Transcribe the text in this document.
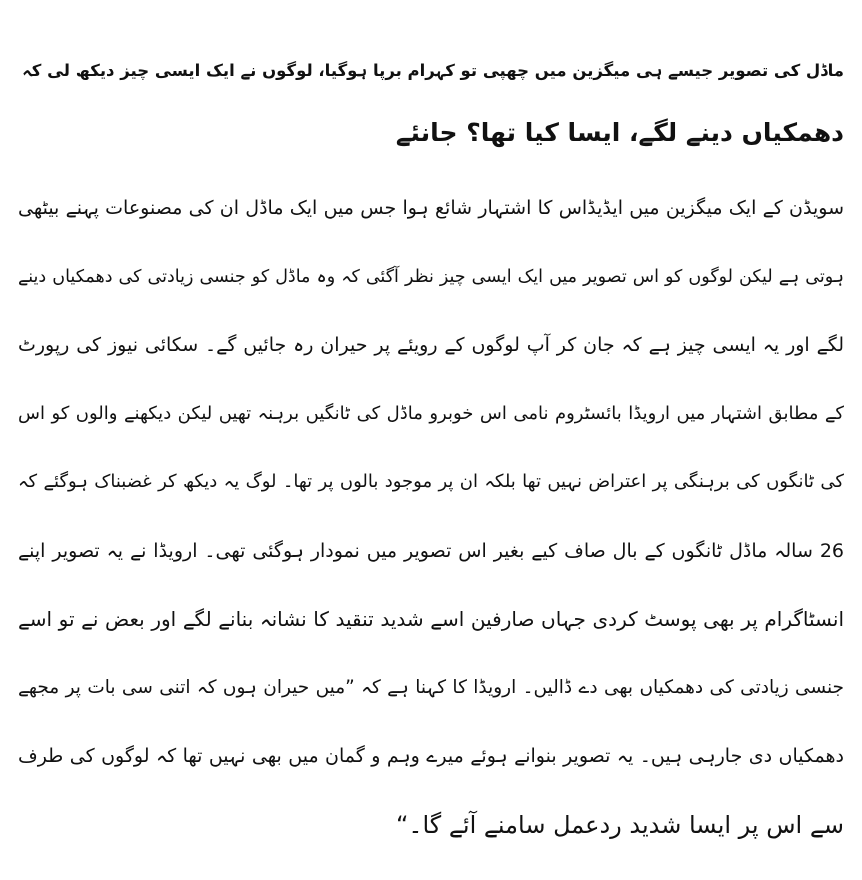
ماڈل کی تصویر جیسے ہی میگزین میں چھپی تو کہرام برپا ہوگیا، لوگوں نے ایک ایسی چیز دیکھ لی کہ
دھمکیاں دینے لگے، ایسا کیا تھا؟ جانئے
سویڈن کے ایک میگزین میں ایڈیڈاس کا اشتہار شائع ہوا جس میں ایک ماڈل ان کی مصنوعات پہنے بیٹھی
ہوتی ہے لیکن لوگوں کو اس تصویر میں ایک ایسی چیز نظر آگئی کہ وہ ماڈل کو جنسی زیادتی کی دھمکیاں دینے
لگے اور یہ ایسی چیز ہے کہ جان کر آپ لوگوں کے رویئے پر حیران رہ جائیں گے۔ سکائی نیوز کی رپورٹ
کے مطابق اشتہار میں ارویڈا بائسٹروم نامی اس خوبرو ماڈل کی ٹانگیں برہنہ تھیں لیکن دیکھنے والوں کو اس
کی ٹانگوں کی برہنگی پر اعتراض نہیں تھا بلکہ ان پر موجود بالوں پر تھا۔ لوگ یہ دیکھ کر غضبناک ہوگئے کہ
26 سالہ ماڈل ٹانگوں کے بال صاف کیے بغیر اس تصویر میں نمودار ہوگئی تھی۔ ارویڈا نے یہ تصویر اپنے
انسٹاگرام پر بھی پوسٹ کردی جہاں صارفین اسے شدید تنقید کا نشانہ بنانے لگے اور بعض نے تو اسے
جنسی زیادتی کی دھمکیاں بھی دے ڈالیں۔ ارویڈا کا کہنا ہے کہ ”میں حیران ہوں کہ اتنی سی بات پر مجھے
دھمکیاں دی جارہی ہیں۔ یہ تصویر بنوانے ہوئے میرے وہم و گمان میں بھی نہیں تھا کہ لوگوں کی طرف
سے اس پر ایسا شدید ردعمل سامنے آئے گا۔“
